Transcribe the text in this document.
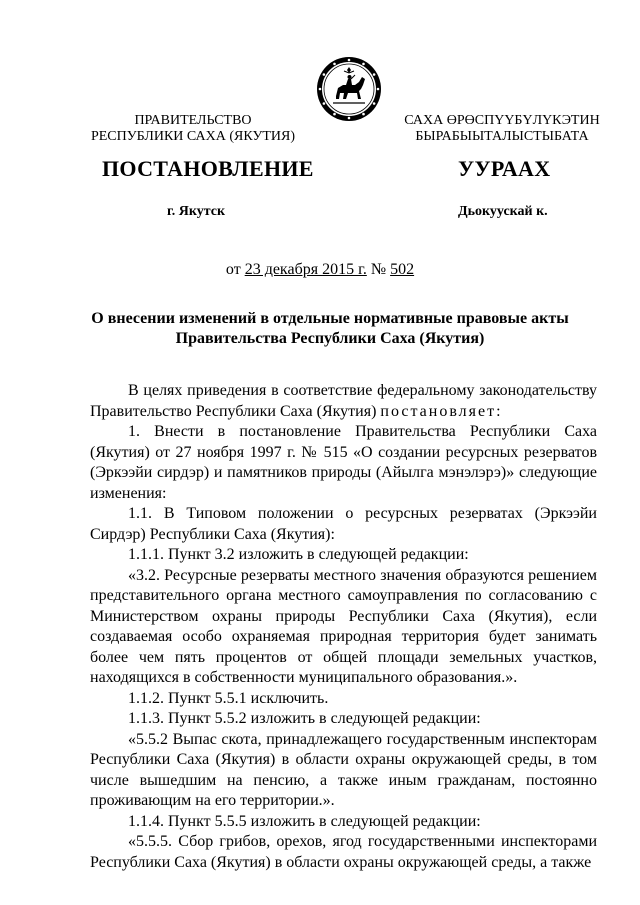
ПРАВИТЕЛЬСТВО
РЕСПУБЛИКИ САХА (ЯКУТИЯ)
САХА ӨРӨСПҮҮБҮЛҮКЭТИН
БЫРАБЫЫТАЛЫСТЫБАТА
ПОСТАНОВЛЕНИЕ	УУРААХ
г. Якутск	Дьокуускай к.
от 23 декабря 2015 г. № 502
О внесении изменений в отдельные нормативные правовые акты
Правительства Республики Саха (Якутия)

В целях приведения в соответствие федеральному законодательству Правительство Республики Саха (Якутия) постановляет:

1. Внести в постановление Правительства Республики Саха (Якутия) от 27 ноября 1997 г. № 515 «О создании ресурсных резерватов (Эркээйи сирдэр) и памятников природы (Айылга мэнэлэрэ)» следующие изменения:

1.1. В Типовом положении о ресурсных резерватах (Эркээйи Сирдэр) Республики Саха (Якутия):

1.1.1. Пункт 3.2 изложить в следующей редакции:

«3.2. Ресурсные резерваты местного значения образуются решением представительного органа местного самоуправления по согласованию с Министерством охраны природы Республики Саха (Якутия), если создаваемая особо охраняемая природная территория будет занимать более чем пять процентов от общей площади земельных участков, находящихся в собственности муниципального образования.».

1.1.2. Пункт 5.5.1 исключить.

1.1.3. Пункт 5.5.2 изложить в следующей редакции:

«5.5.2 Выпас скота, принадлежащего государственным инспекторам Республики Саха (Якутия) в области охраны окружающей среды, в том числе вышедшим на пенсию, а также иным гражданам, постоянно проживающим на его территории.».

1.1.4. Пункт 5.5.5 изложить в следующей редакции:

«5.5.5. Сбор грибов, орехов, ягод государственными инспекторами Республики Саха (Якутия) в области охраны окружающей среды, а также
